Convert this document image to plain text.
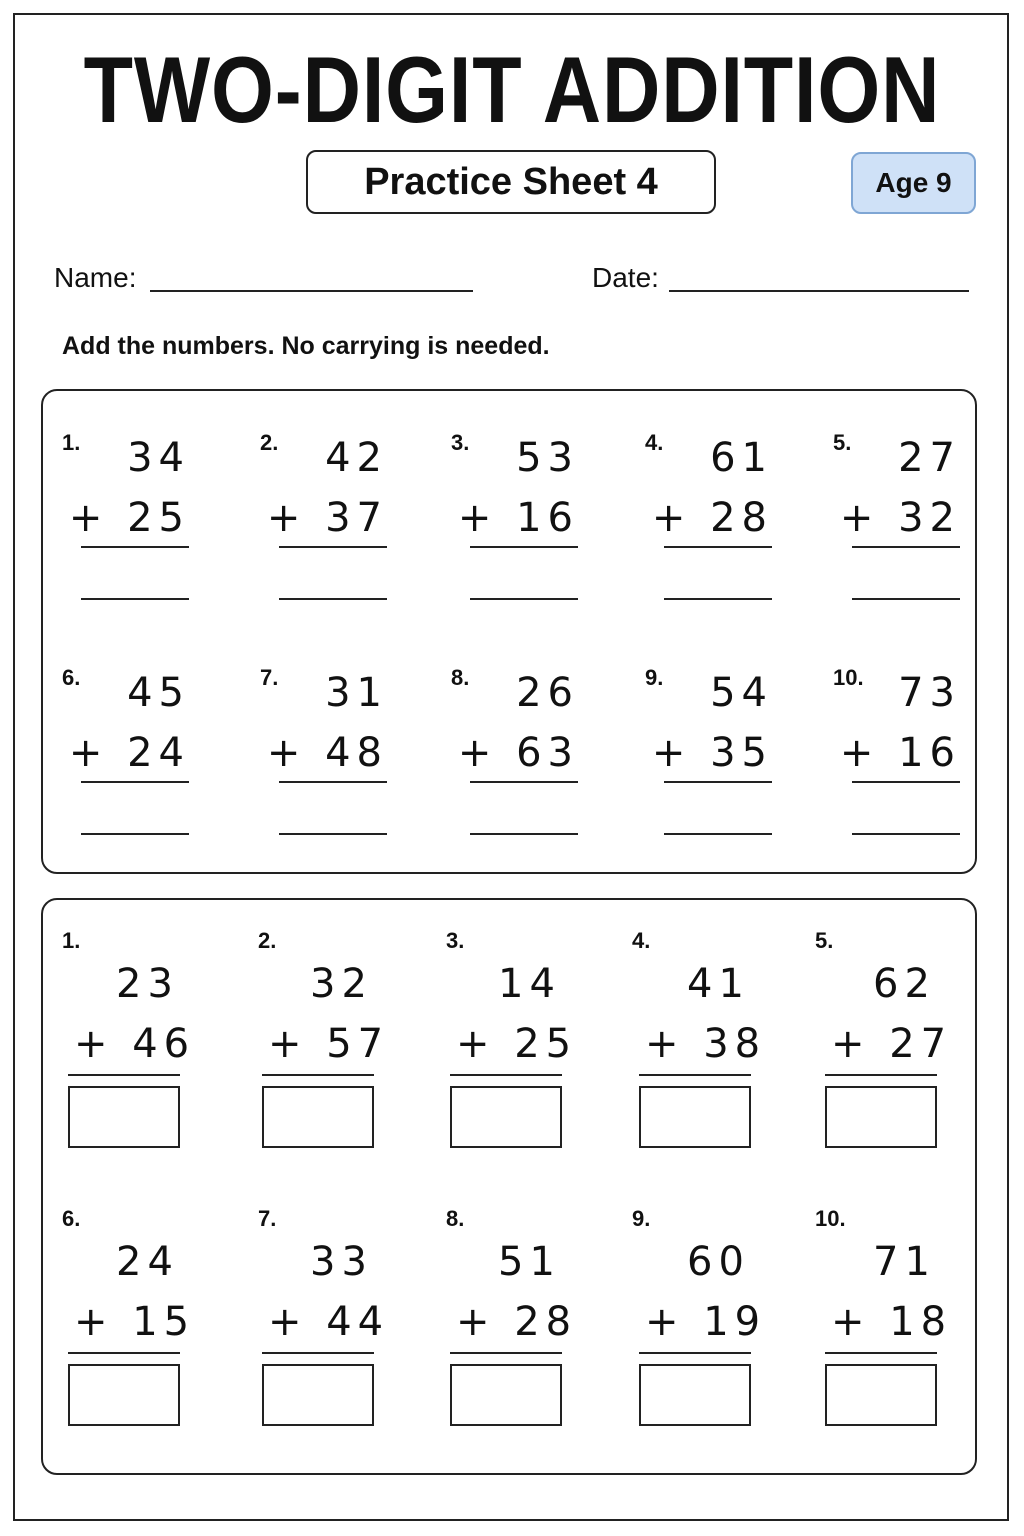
TWO-DIGIT ADDITION
Practice Sheet 4	Age 9
Name:	Date:
Add the numbers. No carrying is needed.
1. 34
+ 25
2. 42
+ 37
3. 53
+ 16
4. 61
+ 28
5. 27
+ 32
6. 45
+ 24
7. 31
+ 48
8. 26
+ 63
9. 54
+ 35
10. 73
+ 16
1.
23
+ 46
2.
32
+ 57
3.
14
+ 25
4.
41
+ 38
5.
62
+ 27
6.
24
+ 15
7.
33
+ 44
8.
51
+ 28
9.
60
+ 19
10.
71
+ 18
